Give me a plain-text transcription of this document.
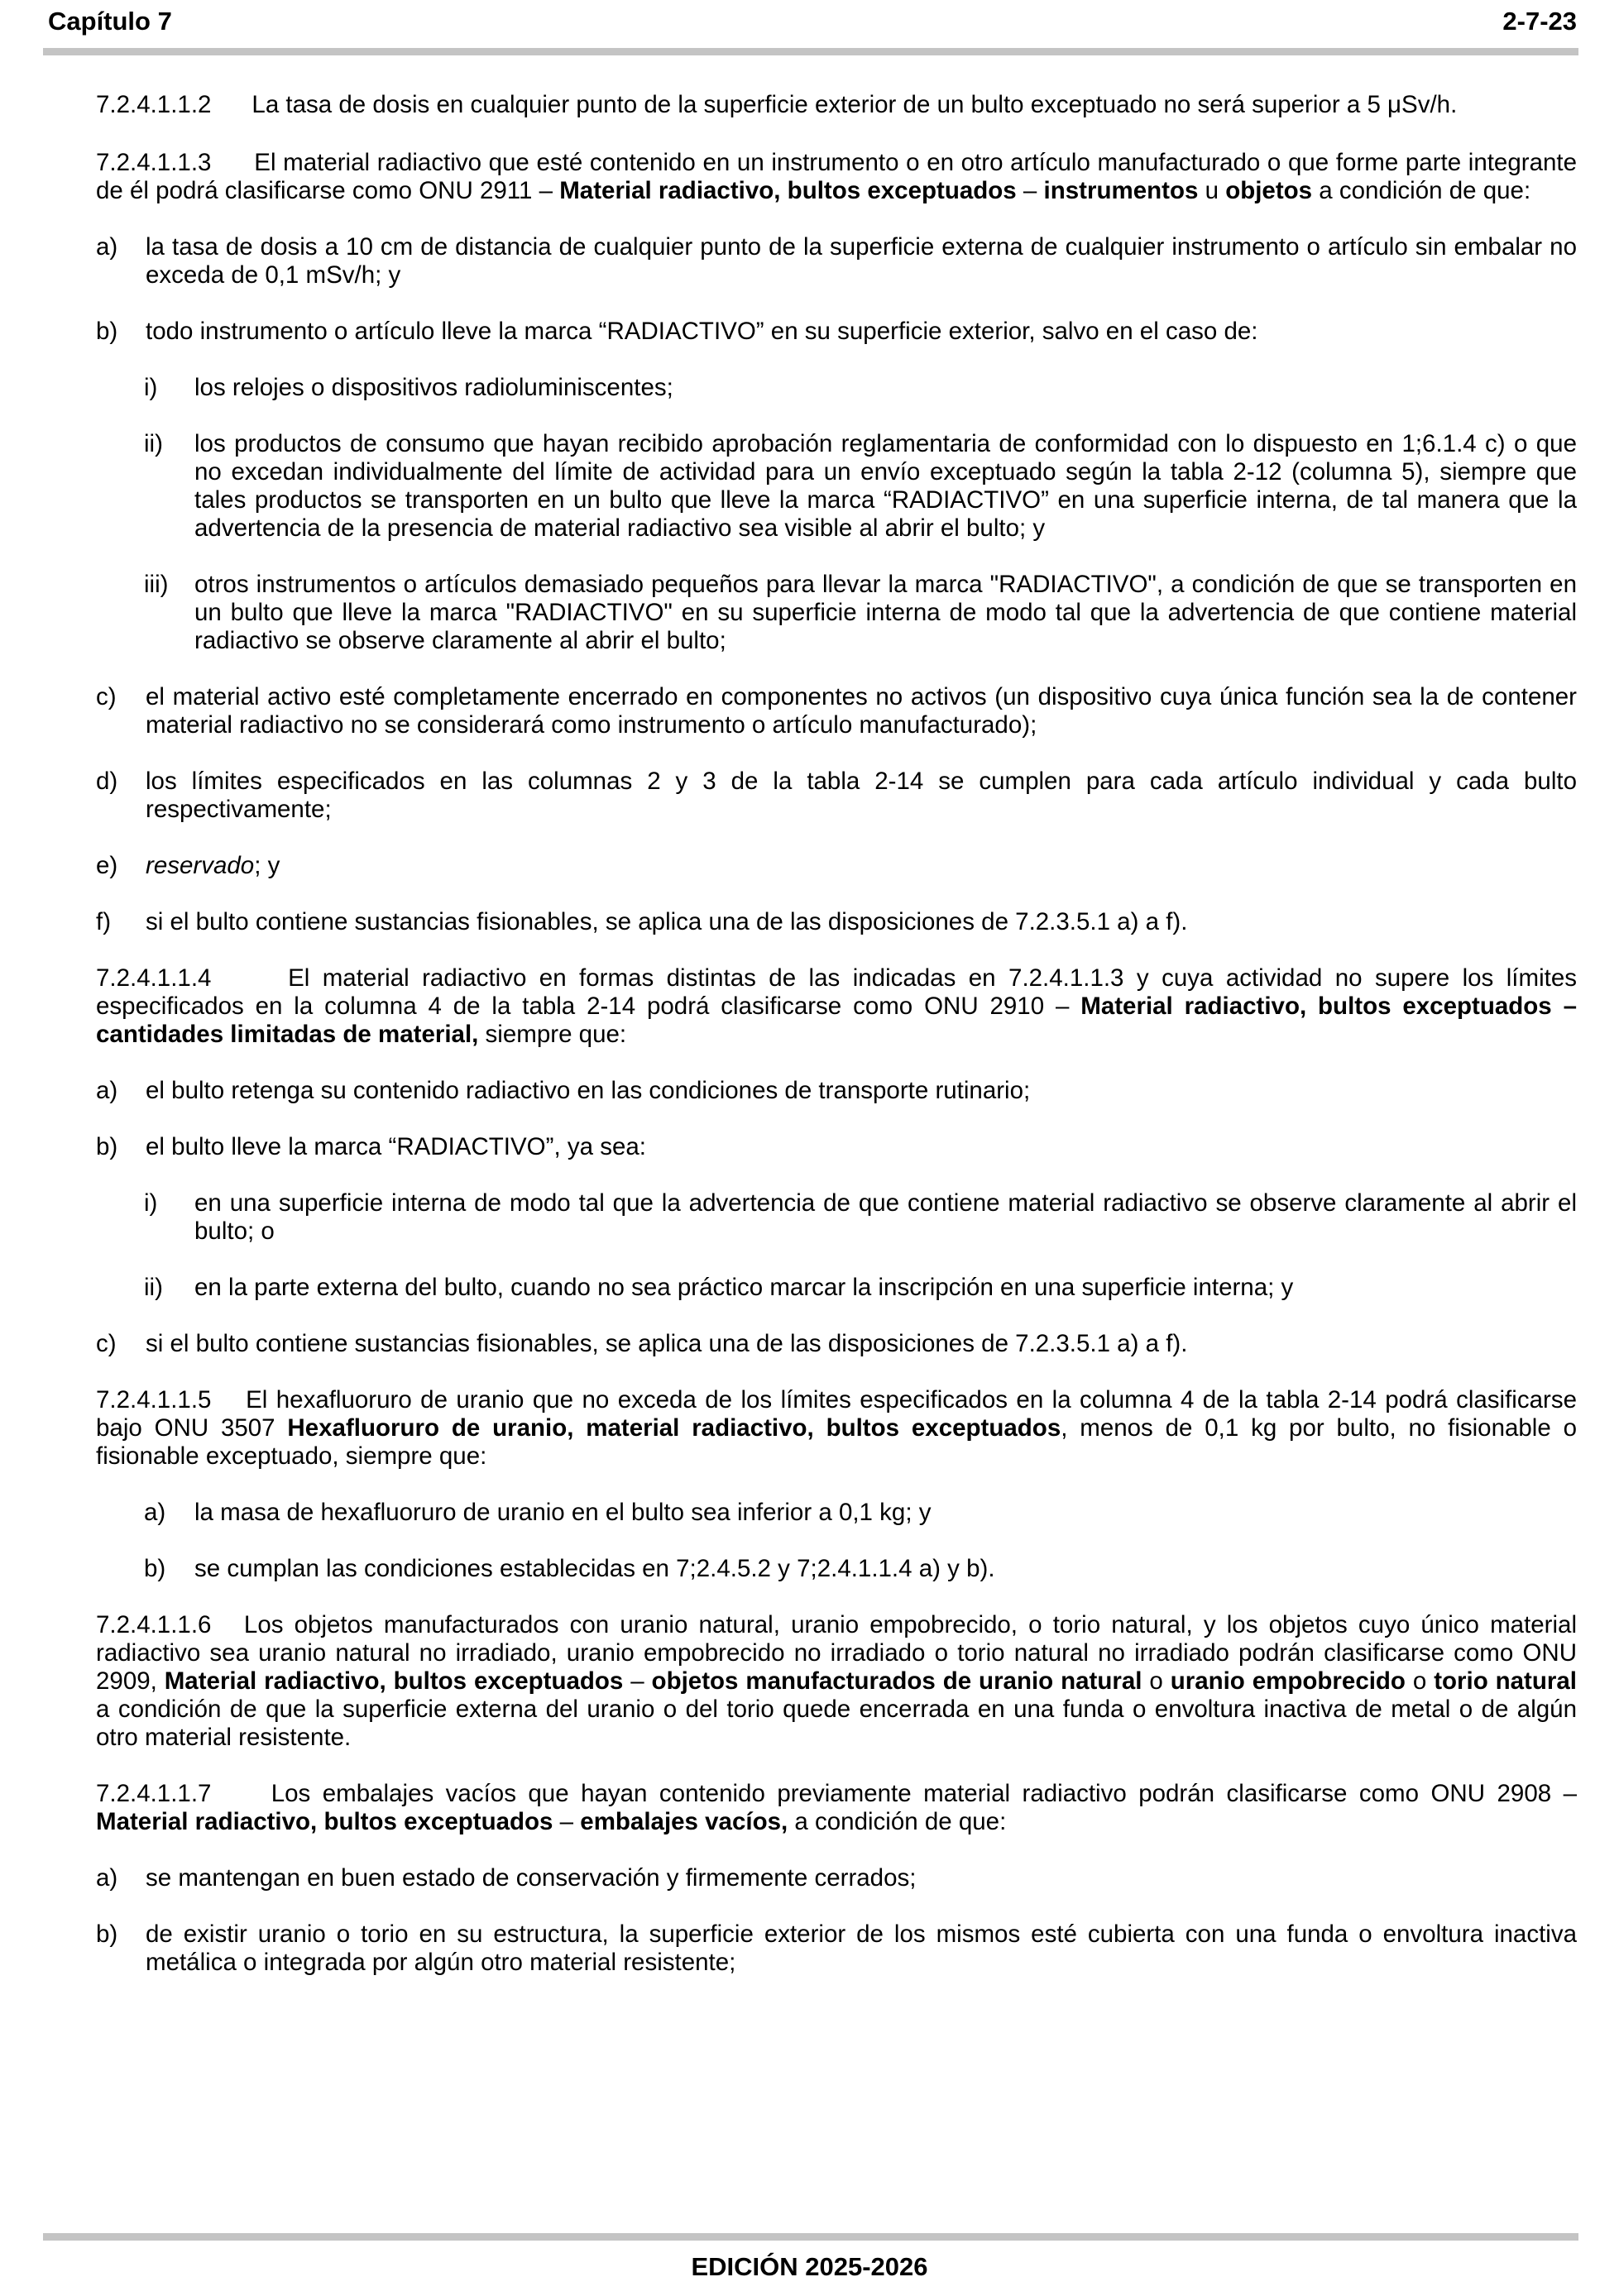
Capítulo 7	2-7-23

7.2.4.1.1.2 La tasa de dosis en cualquier punto de la superficie exterior de un bulto exceptuado no será superior a 5 μSv/h.

7.2.4.1.1.3 El material radiactivo que esté contenido en un instrumento o en otro artículo manufacturado o que forme parte integrante de él podrá clasificarse como ONU 2911 – Material radiactivo, bultos exceptuados – instrumentos u objetos a condición de que:

a) la tasa de dosis a 10 cm de distancia de cualquier punto de la superficie externa de cualquier instrumento o artículo sin embalar no exceda de 0,1 mSv/h; y
b) todo instrumento o artículo lleve la marca “RADIACTIVO” en su superficie exterior, salvo en el caso de:
i) los relojes o dispositivos radioluminiscentes;
ii) los productos de consumo que hayan recibido aprobación reglamentaria de conformidad con lo dispuesto en 1;6.1.4 c) o que no excedan individualmente del límite de actividad para un envío exceptuado según la tabla 2-12 (columna 5), siempre que tales productos se transporten en un bulto que lleve la marca “RADIACTIVO” en una superficie interna, de tal manera que la advertencia de la presencia de material radiactivo sea visible al abrir el bulto; y
iii) otros instrumentos o artículos demasiado pequeños para llevar la marca "RADIACTIVO", a condición de que se transporten en un bulto que lleve la marca "RADIACTIVO" en su superficie interna de modo tal que la advertencia de que contiene material radiactivo se observe claramente al abrir el bulto;
c) el material activo esté completamente encerrado en componentes no activos (un dispositivo cuya única función sea la de contener material radiactivo no se considerará como instrumento o artículo manufacturado);
d) los límites especificados en las columnas 2 y 3 de la tabla 2-14 se cumplen para cada artículo individual y cada bulto respectivamente;
e) reservado; y
f) si el bulto contiene sustancias fisionables, se aplica una de las disposiciones de 7.2.3.5.1 a) a f).

7.2.4.1.1.4	El material radiactivo en formas distintas de las indicadas en 7.2.4.1.1.3 y cuya actividad no supere los límites especificados en la columna 4 de la tabla 2-14 podrá clasificarse como ONU 2910 – Material radiactivo, bultos exceptuados – cantidades limitadas de material, siempre que:

a) el bulto retenga su contenido radiactivo en las condiciones de transporte rutinario;
b) el bulto lleve la marca “RADIACTIVO”, ya sea:
i) en una superficie interna de modo tal que la advertencia de que contiene material radiactivo se observe claramente al abrir el bulto; o
ii) en la parte externa del bulto, cuando no sea práctico marcar la inscripción en una superficie interna; y
c) si el bulto contiene sustancias fisionables, se aplica una de las disposiciones de 7.2.3.5.1 a) a f).

7.2.4.1.1.5 El hexafluoruro de uranio que no exceda de los límites especificados en la columna 4 de la tabla 2-14 podrá clasificarse bajo ONU 3507 Hexafluoruro de uranio, material radiactivo, bultos exceptuados, menos de 0,1 kg por bulto, no fisionable o fisionable exceptuado, siempre que:

a) la masa de hexafluoruro de uranio en el bulto sea inferior a 0,1 kg; y
b) se cumplan las condiciones establecidas en 7;2.4.5.2 y 7;2.4.1.1.4 a) y b).

7.2.4.1.1.6 Los objetos manufacturados con uranio natural, uranio empobrecido, o torio natural, y los objetos cuyo único material radiactivo sea uranio natural no irradiado, uranio empobrecido no irradiado o torio natural no irradiado podrán clasificarse como ONU 2909, Material radiactivo, bultos exceptuados – objetos manufacturados de uranio natural o uranio empobrecido o torio natural a condición de que la superficie externa del uranio o del torio quede encerrada en una funda o envoltura inactiva de metal o de algún otro material resistente.

7.2.4.1.1.7 Los embalajes vacíos que hayan contenido previamente material radiactivo podrán clasificarse como ONU 2908 – Material radiactivo, bultos exceptuados – embalajes vacíos, a condición de que:

a) se mantengan en buen estado de conservación y firmemente cerrados;
b) de existir uranio o torio en su estructura, la superficie exterior de los mismos esté cubierta con una funda o envoltura inactiva metálica o integrada por algún otro material resistente;
EDICIÓN 2025-2026
